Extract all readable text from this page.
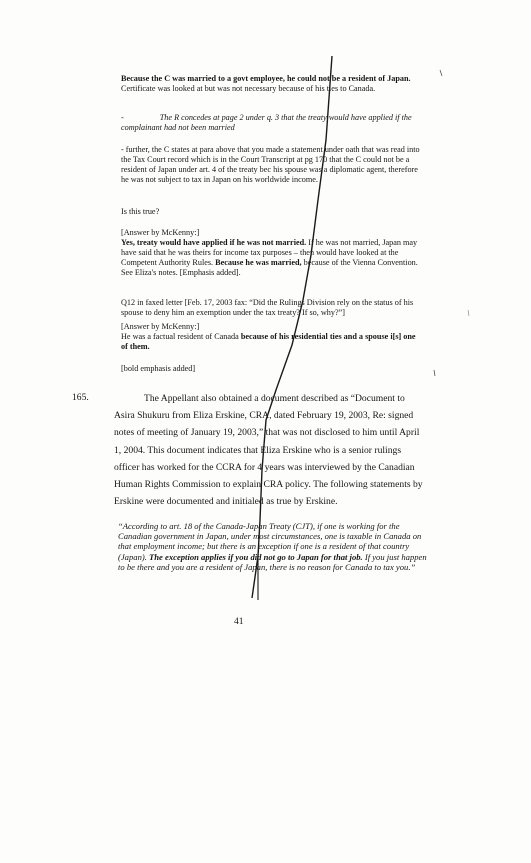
Because the C was married to a govt employee, he could not be a resident of Japan. Certificate was looked at but was not necessary because of his ties to Canada.

-	The R concedes at page 2 under q. 3 that the treaty would have applied if the complainant had not been married

- further, the C states at para above that you made a statement under oath that was read into the Tax Court record which is in the Court Transcript at pg 170 that the C could not be a resident of Japan under art. 4 of the treaty bec his spouse was a diplomatic agent, therefore he was not subject to tax in Japan on his worldwide income.

Is this true?

[Answer by McKenny:]
Yes, treaty would have applied if he was not married. If he was not married, Japan may have said that he was theirs for income tax purposes – then would have looked at the Competent Authority Rules. Because he was married, because of the Vienna Convention. See Eliza's notes. [Emphasis added].

Q12 in faxed letter [Feb. 17, 2003 fax: “Did the Rulings Division rely on the status of his spouse to deny him an exemption under the tax treaty? If so, why?”]

[Answer by McKenny:]
He was a factual resident of Canada because of his residential ties and a spouse i[s] one of them.

[bold emphasis added]

165.	The Appellant also obtained a document described as “Document to Asira Shukuru from Eliza Erskine, CRA, dated February 19, 2003, Re: signed notes of meeting of January 19, 2003,” that was not disclosed to him until April 1, 2004. This document indicates that Eliza Erskine who is a senior rulings officer has worked for the CCRA for 4 years was interviewed by the Canadian Human Rights Commission to explain CRA policy. The following statements by Erskine were documented and initialed as true by Erskine.

“According to art. 18 of the Canada-Japan Treaty (CJT), if one is working for the Canadian government in Japan, under most circumstances, one is taxable in Canada on that employment income; but there is an exception if one is a resident of that country (Japan). The exception applies if you did not go to Japan for that job. If you just happen to be there and you are a resident of Japan, there is no reason for Canada to tax you.”

41
